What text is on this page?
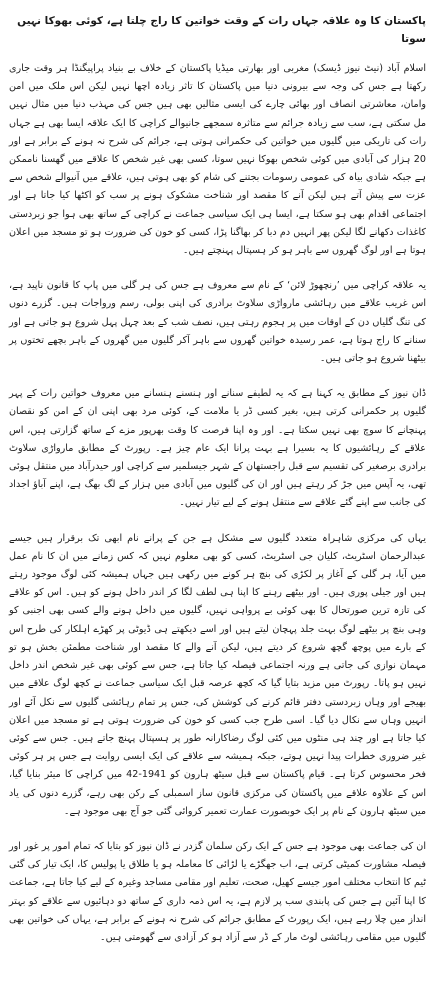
پاکستان کا وہ علاقہ جہاں رات کے وقت خواتین کا راج چلتا ہے، کوئی بھوکا نہیں سوتا

اسلام آباد (نیٹ نیوز ڈیسک) مغربی اور بھارتی میڈیا پاکستان کے خلاف بے بنیاد پراپیگنڈا ہر وقت جاری رکھتا ہے جس کی وجہ سے بیرونی دنیا میں پاکستان کا تاثر زیادہ اچھا نہیں لیکن اس ملک میں امن وامان، معاشرتی انصاف اور بھائی چارے کی ایسی مثالیں بھی ہیں جس کی مہذب دنیا میں مثال نہیں مل سکتی ہے، سب سے زیادہ جرائم سے متاثرہ سمجھے جانیوالے کراچی کا ایک علاقہ ایسا بھی ہے جہاں رات کی تاریکی میں گلیوں میں خواتین کی حکمرانی ہوتی ہے، جرائم کی شرح نہ ہونے کے برابر ہے اور 20 ہزار کی آبادی میں کوئی شخص بھوکا نہیں سوتا، کسی بھی غیر شخص کا علاقے میں گھسنا ناممکن ہے جبکہ شادی بیاہ کی عمومی رسومات بجتنے کی شام کو بھی ہوتی ہیں، علاقے میں آنیوالے شخص سے عزت سے پیش آتے ہیں لیکن آنے کا مقصد اور شناخت مشکوک ہونے پر سب کو اکٹھا کیا جاتا ہے اور اجتماعی اقدام بھی ہو سکتا ہے، ایسا ہی ایک سیاسی جماعت نے کراچی کے ساتھ بھی ہوا جو زبردستی کاغذات دکھانے لگا لیکن پھر انہیں دم دبا کر بھاگنا پڑا، کسی کو خون کی ضرورت ہو تو مسجد میں اعلان ہوتا ہے اور لوگ گھروں سے باہر ہو کر ہسپتال پہنچتے ہیں۔

یہ علاقہ کراچی میں ’رنچھوڑ لائن‘ کے نام سے معروف ہے جس کی ہر گلی میں پاپ کا قانون ناپید ہے، اس غریب علاقے میں رہائشی مارواڑی سلاوٹ برادری کی اپنی بولی، رسم ورواجات ہیں۔ گزرے دنوں کی تنگ گلیاں دن کے اوقات میں پر ہجوم رہتی ہیں، نصف شب کے بعد چہل پہل شروع ہو جاتی ہے اور سنانے کا راج ہوتا ہے، عمر رسیدہ خواتین گھروں سے باہر آکر گلیوں میں گھروں کے باہر بچھے تختوں پر بیٹھنا شروع ہو جاتی ہیں۔

ڈان نیوز کے مطابق یہ کہنا ہے کہ یہ لطیفے سنانے اور ہنسنے ہنسانے میں معروف خواتین رات کے پہر گلیوں پر حکمرانی کرتی ہیں، بغیر کسی ڈر یا ملامت کے، کوئی مرد بھی اپنی ان کے امن کو نقصان پہنچانے کا سوچ بھی نہیں سکتا ہے۔ اور وہ اپنا فرصت کا وقت بھرپور مزے کے ساتھ گزارتی ہیں، اس علاقے کے رہائشیوں کا یہ بسیرا ہے بہت پرانا ایک عام چیز ہے۔ رپورٹ کے مطابق مارواڑی سلاوٹ برادری برصغیر کی تقسیم سے قبل راجستھان کے شہر جیسلمیر سے کراچی اور حیدرآباد میں منتقل ہوئی تھی، یہ آپس میں جڑ کر رہتے ہیں اور ان کی گلیوں میں آبادی میں ہزار کے لگ بھگ ہے، اپنے آباؤ اجداد کی جانب سے اپنے گئے علاقے سے منتقل ہونے کے لیے تیار نہیں۔

یہاں کی مرکزی شاہراہ متعدد گلیوں سے مشکل ہے جن کے پرانے نام ابھی تک برقرار ہیں جیسے عبدالرحمان اسٹریٹ، کلیان جی اسٹریٹ، کسی کو بھی معلوم نہیں کہ کس زمانے میں ان کا نام عمل میں آیا، ہر گلی کے آغاز پر لکڑی کی بنچ ہر کونے میں رکھی ہیں جہاں ہمیشہ کئی لوگ موجود رہتے ہیں اور جیلی پوری ہیں۔ اور بیٹھے رہنے کا اپنا ہی لطف لگا کر اندر داخل ہونے کو ہیں۔ اس کو علاقے کی تازہ ترین صورتحال کا بھی کوئی بے پرواہی نہیں، گلیوں میں داخل ہونے والے کسی بھی اجنبی کو وہی بنچ پر بیٹھے لوگ بہت جلد پہچان لیتے ہیں اور اسے دیکھتے ہی ڈیوٹی پر کھڑے اہلکار کی طرح اس کے بارے میں پوچھ گچھ شروع کر دیتے ہیں، لیکن آنے والے کا مقصد اور شناخت مطمئن بخش ہو تو مہمان نوازی کی جاتی ہے ورنہ اجتماعی فیصلہ کیا جاتا ہے، جس سے کوئی بھی غیر شخص اندر داخل نہیں ہو پاتا۔ رپورٹ میں مزید بتایا گیا کہ کچھ عرصہ قبل ایک سیاسی جماعت نے کچھ لوگ علاقے میں بھیجے اور وہاں زبردستی دفتر قائم کرنے کی کوشش کی، جس پر تمام رہائشی گلیوں سے نکل آئے اور انہیں وہاں سے نکال دیا گیا۔ اسی طرح جب کسی کو خون کی ضرورت ہوتی ہے تو مسجد میں اعلان کیا جاتا ہے اور چند ہی منٹوں میں کئی لوگ رضاکارانہ طور پر ہسپتال پہنچ جاتے ہیں۔ جس سے کوئی غیر ضروری خطرات پیدا نہیں ہوتے، جبکہ ہمیشہ سے علاقے کی ایک ایسی روایت ہے جس پر ہر کوئی فخر محسوس کرتا ہے۔ قیام پاکستان سے قبل سیٹھ ہارون کو 1941-42 میں کراچی کا میئر بنایا گیا، اس کے علاوہ علاقے میں پاکستان کی مرکزی قانون ساز اسمبلی کے رکن بھی رہے، گزرے دنوں کی یاد میں سیٹھ ہارون کے نام پر ایک خوبصورت عمارت تعمیر کروائی گئی جو آج بھی موجود ہے۔

ان کی جماعت بھی موجود ہے جس کے ایک رکن سلمان گزدر نے ڈان نیوز کو بتایا کہ تمام امور پر غور اور فیصلہ مشاورت کمیٹی کرتی ہے، اب جھگڑے یا لڑائی کا معاملہ ہو یا طلاق یا پولیس کا، ایک تیار کی گئی ٹیم کا انتخاب مختلف امور جیسے کھیل، صحت، تعلیم اور مقامی مساجد وغیرہ کے لیے کیا جاتا ہے، جماعت کا اپنا آئین ہے جس کی پابندی سب پر لازم ہے، یہ اس ذمہ داری کے ساتھ دو دہائیوں سے علاقے کو بہتر انداز میں چلا رہے ہیں، ایک رپورٹ کے مطابق جرائم کی شرح نہ ہونے کے برابر ہے، یہاں کی خواتین بھی گلیوں میں مقامی رہائشی لوٹ مار کے ڈر سے آزاد ہو کر آزادی سے گھومتی ہیں۔
